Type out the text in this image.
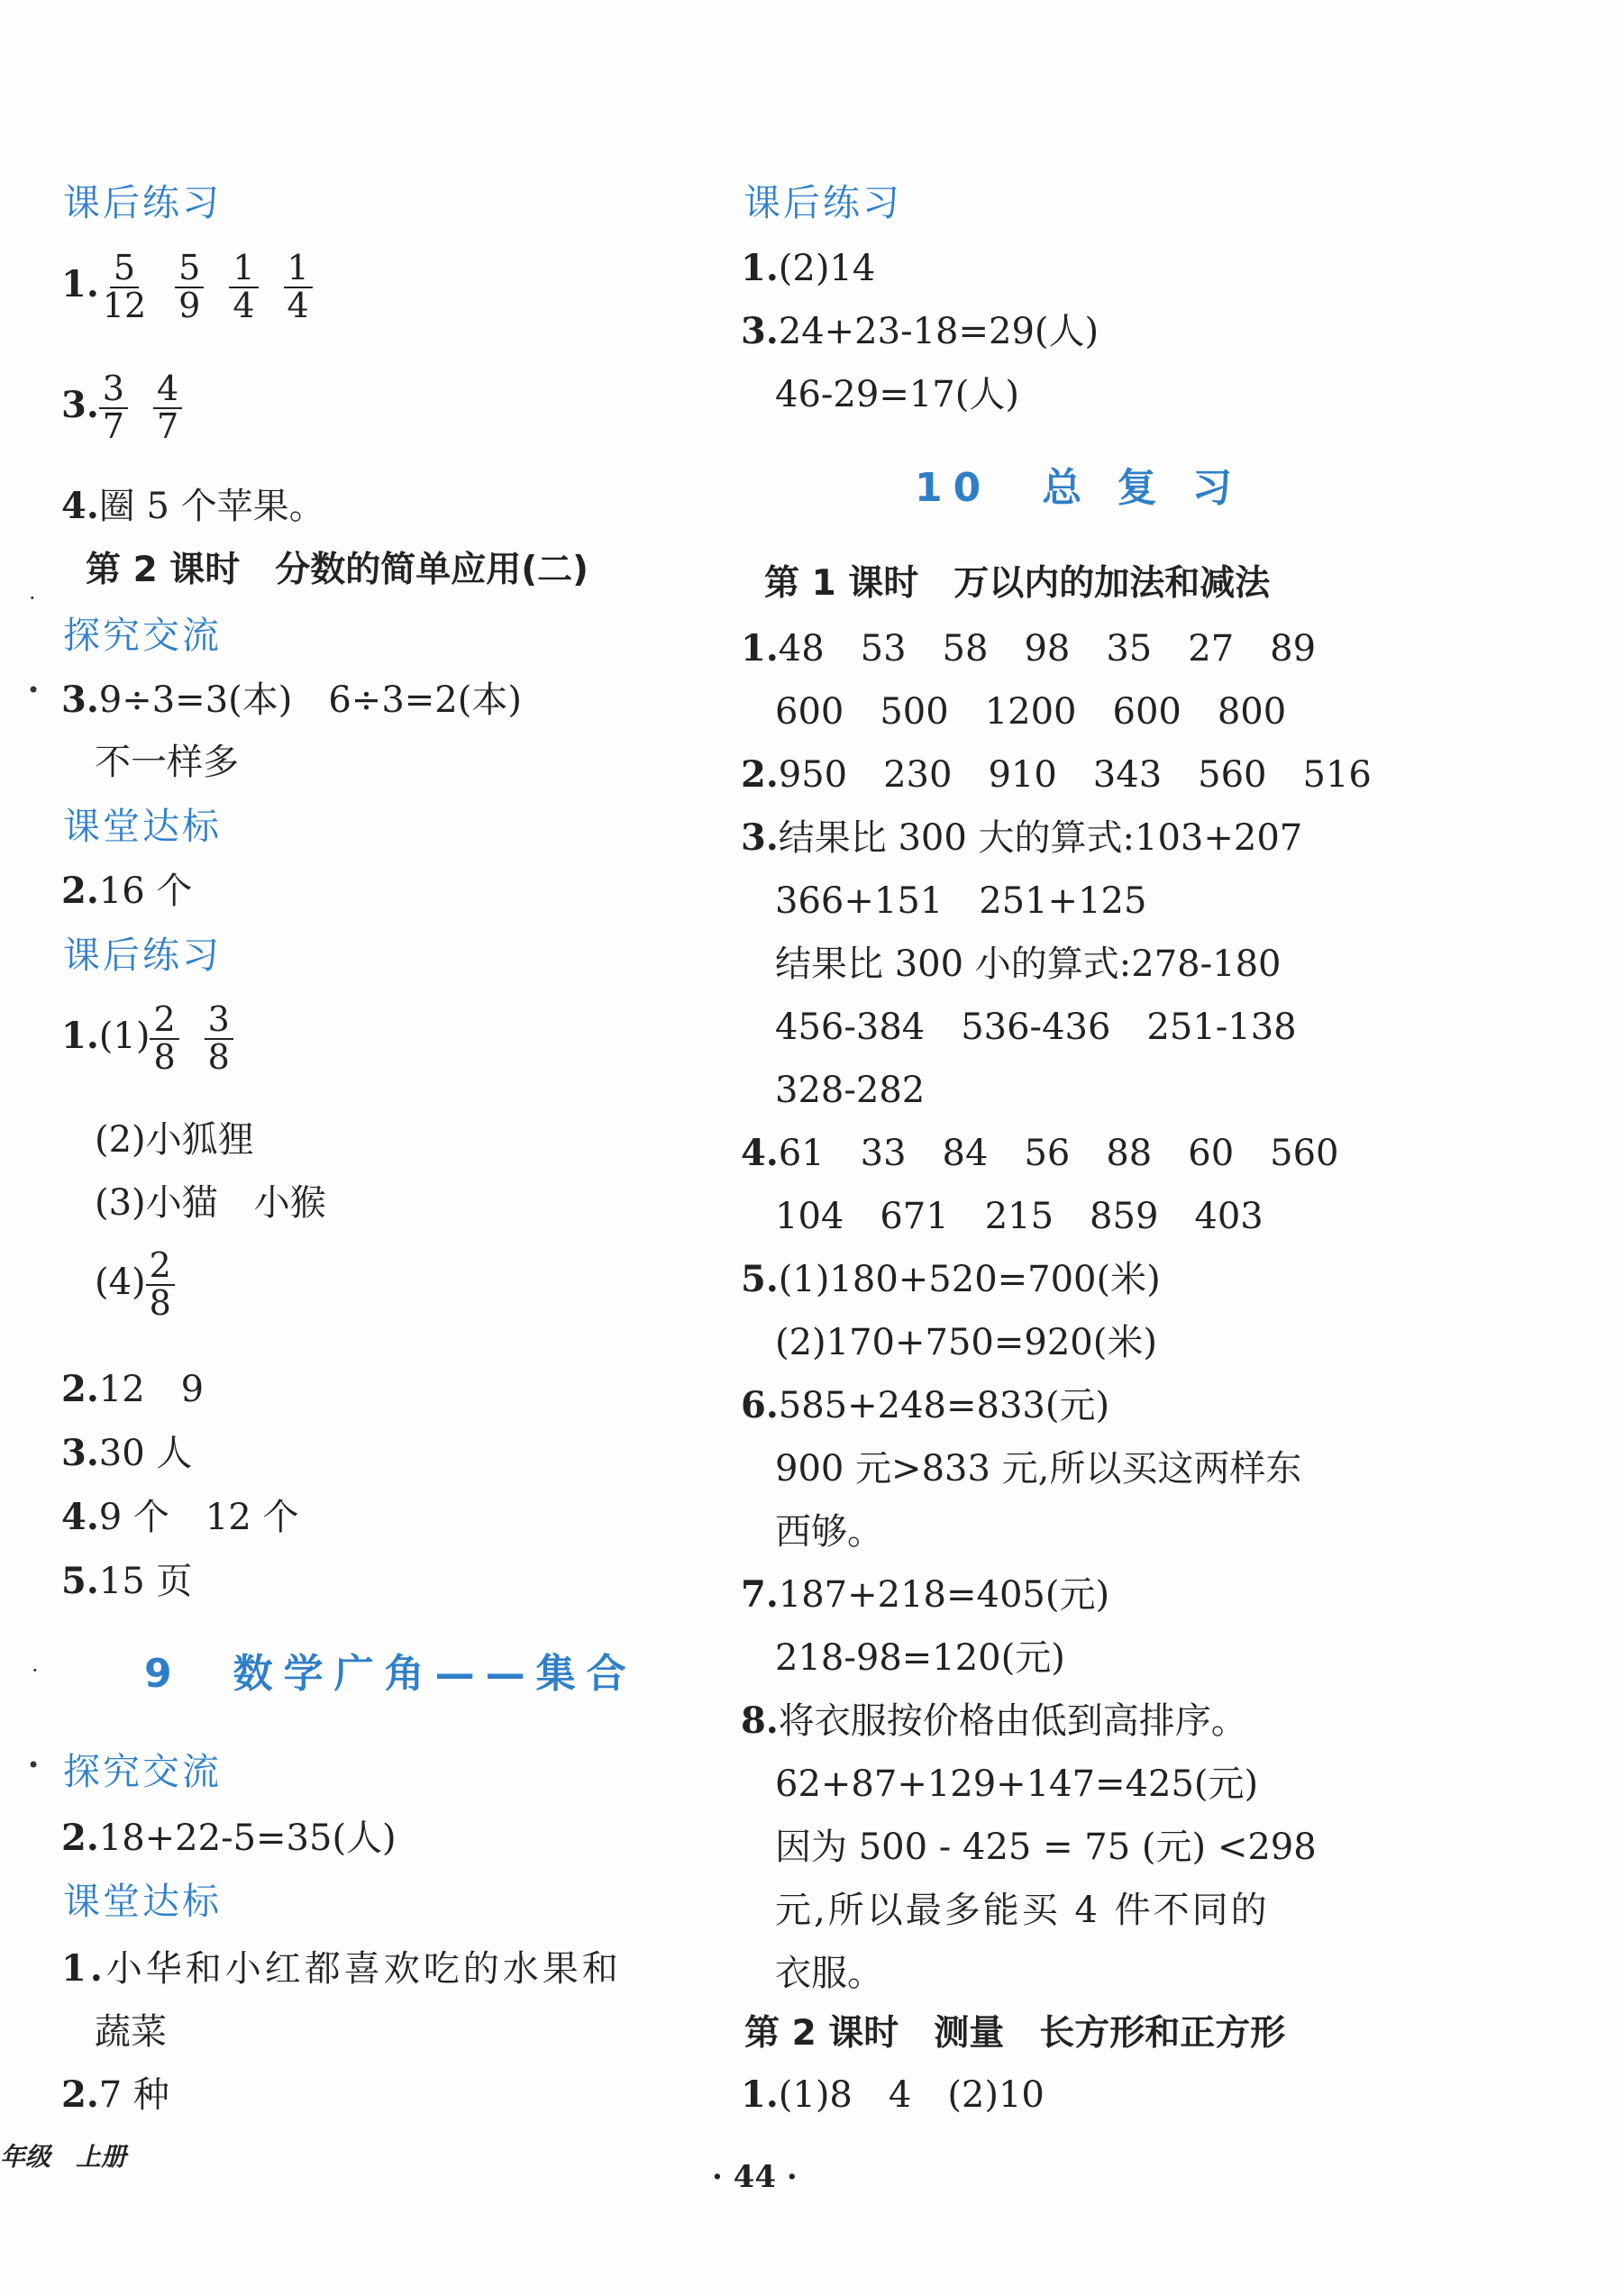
课后练习
1. $\frac{5}{12} \frac{5}{9} \frac{1}{4} \frac{1}{4}$
3. $\frac{3}{7} \frac{4}{7}$
4.圈 5 个苹果。
第 2 课时　分数的简单应用(二)
·
探究交流
• 3.9÷3=3(本)　6÷3=2(本)
不一样多
课堂达标
2.16 个
课后练习
$1.(1) \frac{2}{8} \frac{3}{8}$
(2)小狐狸
(3)小猫　小猴
$(4) \frac{2}{8}$
2.12　9
3.30 人
4.9 个　12 个
5.15 页
·	9　数学广角——集合
• 探究交流
2.18+22-5=35(人)
课堂达标
1.小华和小红都喜欢吃的水果和
蔬菜
2.7 种
课后练习
1.(2)14
3.24+23-18=29(人)
46-29=17(人)
10　总 复 习
第 1 课时　万以内的加法和减法
1.48　53　58　98　35　27　89
600　500　1200　600　800
2.950　230　910　343　560　516
3.结果比 300 大的算式:103+207
366+151　251+125
结果比 300 小的算式:278-180
456-384　536-436　251-138
328-282
4.61　33　84　56　88　60　560
104　671　215　859　403
5.(1)180+520=700(米)
(2)170+750=920(米)
6.585+248=833(元)
900 元>833 元,所以买这两样东
西够。
7.187+218=405(元)
218-98=120(元)
8.将衣服按价格由低到高排序。
62+87+129+147=425(元)
因为 500 - 425 = 75 (元) <298
元,所以最多能买 4 件不同的
衣服。
第 2 课时　测量　长方形和正方形
1.(1)8　4　(2)10
年级　上册
· 44 ·
